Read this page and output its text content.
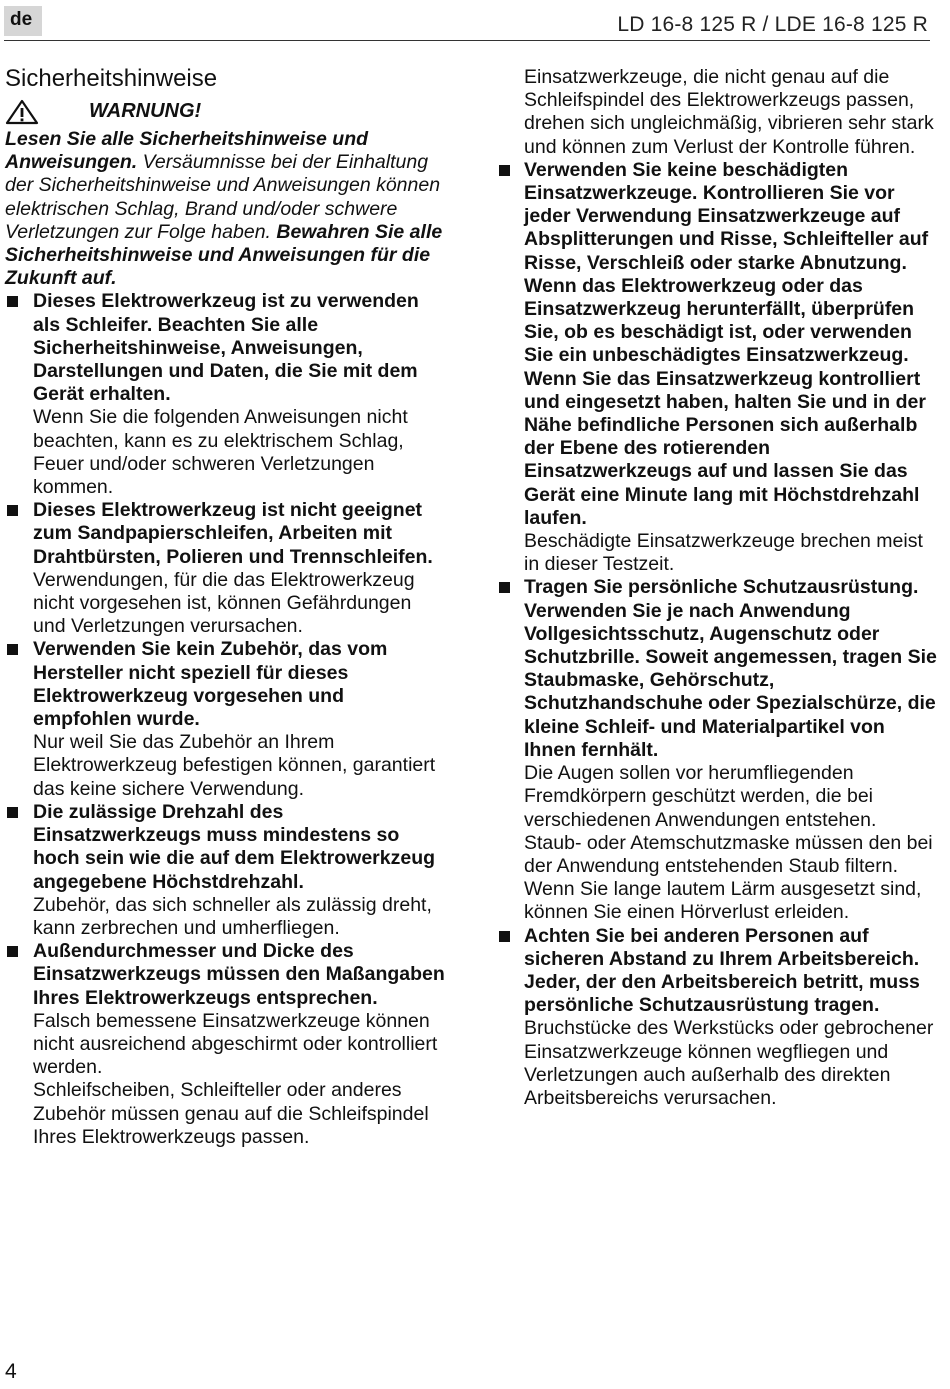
de	LD 16-8 125 R / LDE 16-8 125 R
Sicherheitshinweise
WARNUNG!

Lesen Sie alle Sicherheitshinweise und Anweisungen. Versäumnisse bei der Einhaltung der Sicherheitshinweise und Anweisungen können elektrischen Schlag, Brand und/oder schwere Verletzungen zur Folge haben. Bewahren Sie alle Sicherheitshinweise und Anweisungen für die Zukunft auf.

Dieses Elektrowerkzeug ist zu verwenden als Schleifer. Beachten Sie alle Sicherheitshinweise, Anweisungen, Darstellungen und Daten, die Sie mit dem Gerät erhalten.
Wenn Sie die folgenden Anweisungen nicht beachten, kann es zu elektrischem Schlag, Feuer und/oder schweren Verletzungen kommen.
Dieses Elektrowerkzeug ist nicht geeignet zum Sandpapierschleifen, Arbeiten mit Drahtbürsten, Polieren und Trennschleifen.
Verwendungen, für die das Elektrowerkzeug nicht vorgesehen ist, können Gefährdungen und Verletzungen verursachen.
Verwenden Sie kein Zubehör, das vom Hersteller nicht speziell für dieses Elektrowerkzeug vorgesehen und empfohlen wurde.
Nur weil Sie das Zubehör an Ihrem Elektrowerkzeug befestigen können, garantiert das keine sichere Verwendung.
Die zulässige Drehzahl des Einsatzwerkzeugs muss mindestens so hoch sein wie die auf dem Elektrowerkzeug angegebene Höchstdrehzahl.
Zubehör, das sich schneller als zulässig dreht, kann zerbrechen und umherfliegen.
Außendurchmesser und Dicke des Einsatzwerkzeugs müssen den Maßangaben Ihres Elektrowerkzeugs entsprechen.
Falsch bemessene Einsatzwerkzeuge können nicht ausreichend abgeschirmt oder kontrolliert werden.
Schleifscheiben, Schleifteller oder anderes Zubehör müssen genau auf die Schleifspindel Ihres Elektrowerkzeugs passen.

Einsatzwerkzeuge, die nicht genau auf die Schleifspindel des Elektrowerkzeugs passen, drehen sich ungleichmäßig, vibrieren sehr stark und können zum Verlust der Kontrolle führen.

Verwenden Sie keine beschädigten Einsatzwerkzeuge. Kontrollieren Sie vor jeder Verwendung Einsatzwerkzeuge auf Absplitterungen und Risse, Schleifteller auf Risse, Verschleiß oder starke Abnutzung. Wenn das Elektrowerkzeug oder das Einsatzwerkzeug herunterfällt, überprüfen Sie, ob es beschädigt ist, oder verwenden Sie ein unbeschädigtes Einsatzwerkzeug. Wenn Sie das Einsatzwerkzeug kontrolliert und eingesetzt haben, halten Sie und in der Nähe befindliche Personen sich außerhalb der Ebene des rotierenden Einsatzwerkzeugs auf und lassen Sie das Gerät eine Minute lang mit Höchstdrehzahl laufen.
Beschädigte Einsatzwerkzeuge brechen meist in dieser Testzeit.
Tragen Sie persönliche Schutzausrüstung. Verwenden Sie je nach Anwendung Vollgesichtsschutz, Augenschutz oder Schutzbrille. Soweit angemessen, tragen Sie Staubmaske, Gehörschutz, Schutzhandschuhe oder Spezialschürze, die kleine Schleif- und Materialpartikel von Ihnen fernhält.
Die Augen sollen vor herumfliegenden Fremdkörpern geschützt werden, die bei verschiedenen Anwendungen entstehen. Staub- oder Atemschutzmaske müssen den bei der Anwendung entstehenden Staub filtern. Wenn Sie lange lautem Lärm ausgesetzt sind, können Sie einen Hörverlust erleiden.
Achten Sie bei anderen Personen auf sicheren Abstand zu Ihrem Arbeitsbereich. Jeder, der den Arbeitsbereich betritt, muss persönliche Schutzausrüstung tragen.
Bruchstücke des Werkstücks oder gebrochener Einsatzwerkzeuge können wegfliegen und Verletzungen auch außerhalb des direkten Arbeitsbereichs verursachen.
4
